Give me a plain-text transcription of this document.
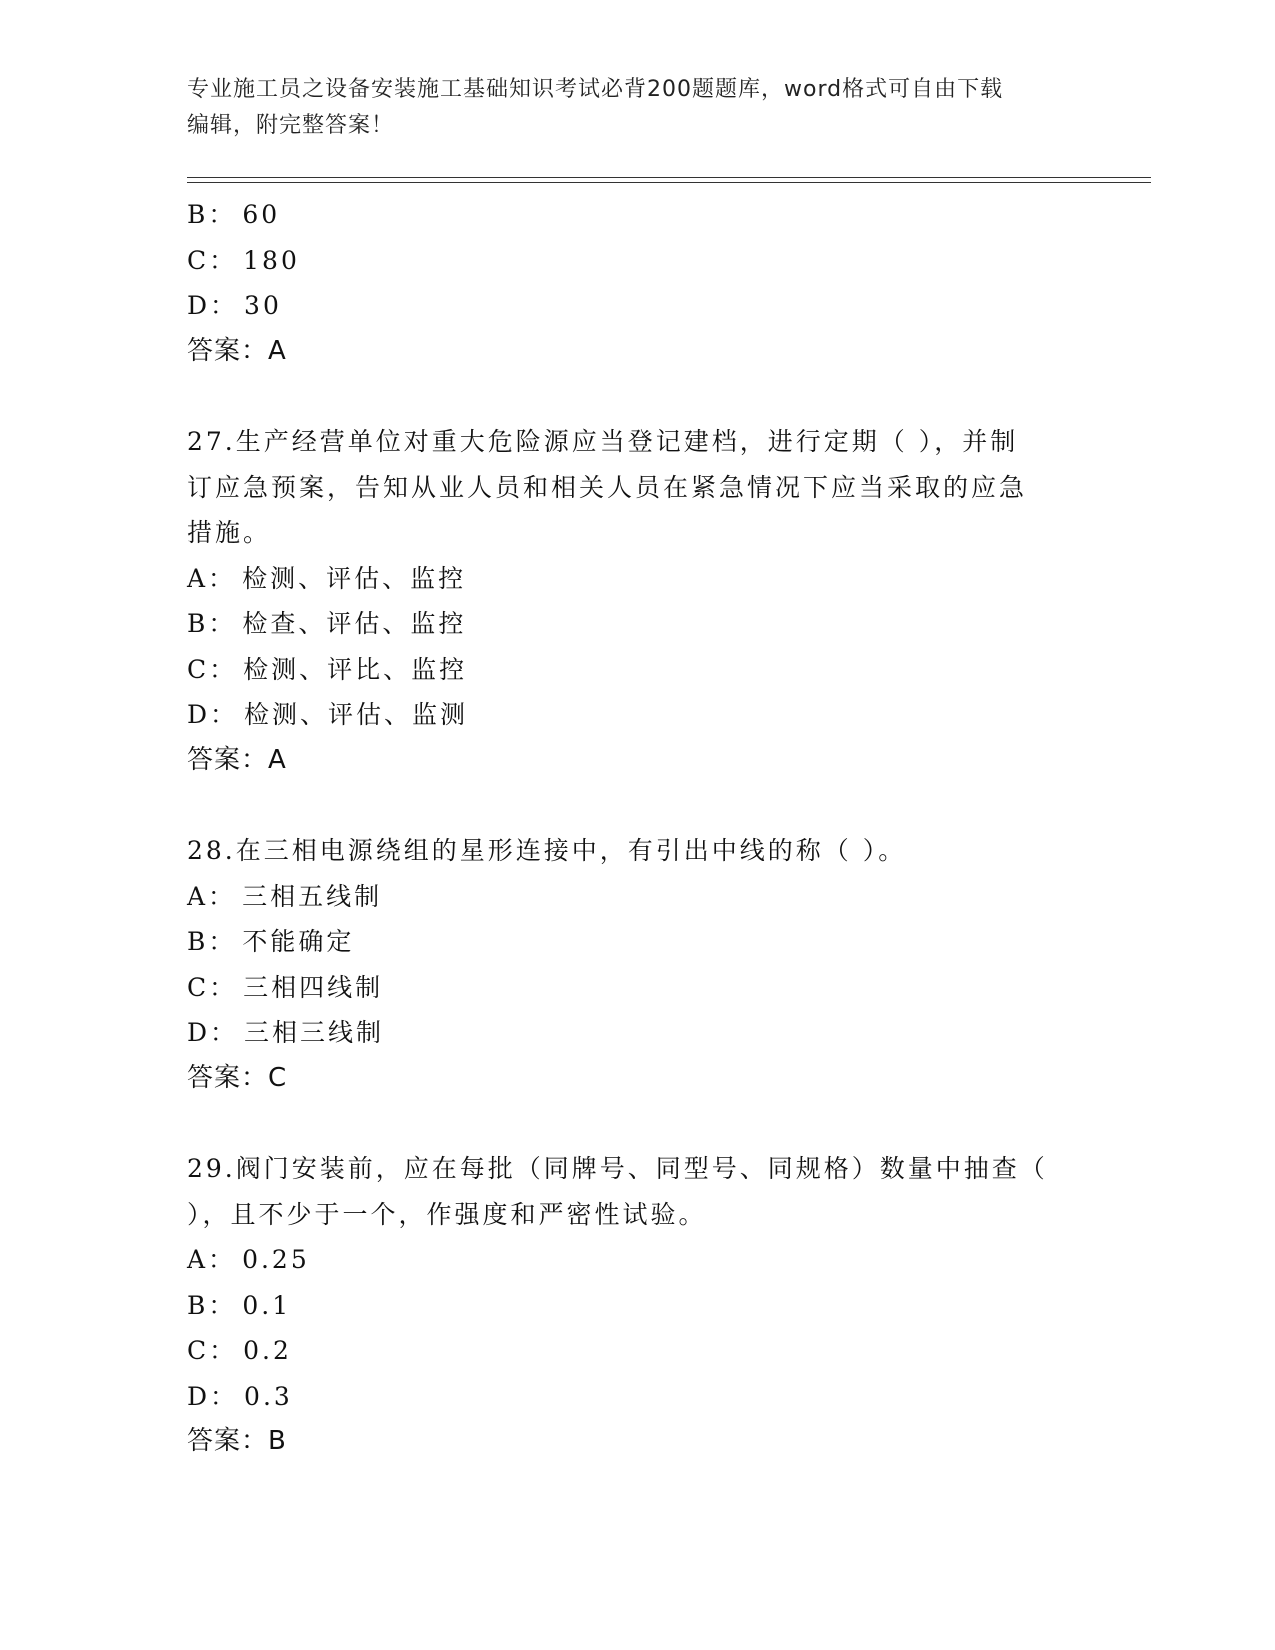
专业施工员之设备安装施工基础知识考试必背200题题库，word格式可自由下载
编辑，附完整答案！
B： 60
C： 180
D： 30
答案：A
27.生产经营单位对重大危险源应当登记建档，进行定期（ ），并制
订应急预案，告知从业人员和相关人员在紧急情况下应当采取的应急
措施。
A： 检测、评估、监控
B： 检查、评估、监控
C： 检测、评比、监控
D： 检测、评估、监测
答案：A
28.在三相电源绕组的星形连接中，有引出中线的称（ ）。
A： 三相五线制
B： 不能确定
C： 三相四线制
D： 三相三线制
答案：C
29.阀门安装前，应在每批（同牌号、同型号、同规格）数量中抽查（
），且不少于一个，作强度和严密性试验。
A： 0.25
B： 0.1
C： 0.2
D： 0.3
答案：B
